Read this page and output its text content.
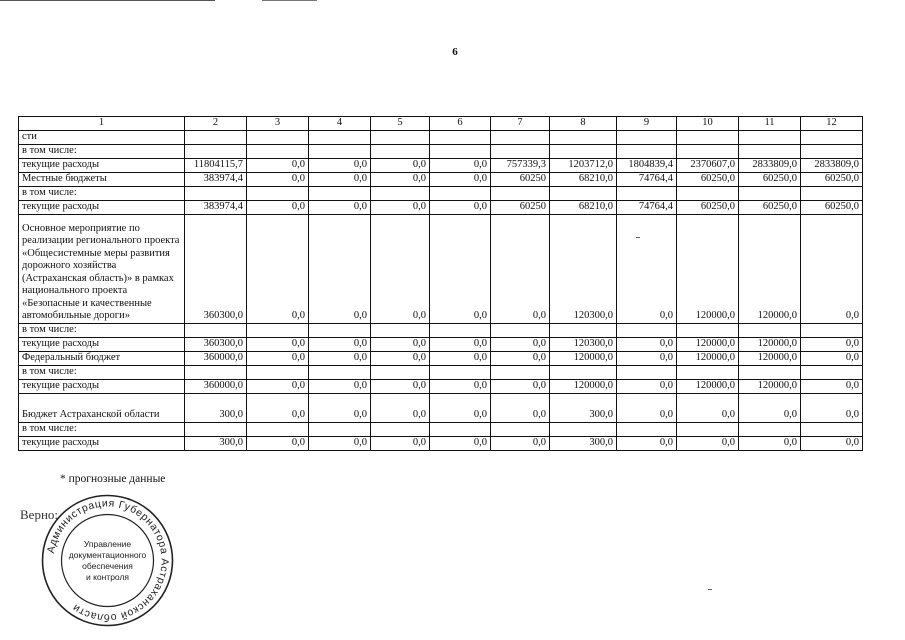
6
1	2	3	4	5	6	7	8	9	10	11	12
сти											
в том числе:											
текущие расходы	11804115,7	0,0	0,0	0,0	0,0	757339,3	1203712,0	1804839,4	2370607,0	2833809,0	2833809,0
Местные бюджеты	383974,4	0,0	0,0	0,0	0,0	60250	68210,0	74764,4	60250,0	60250,0	60250,0
в том числе:											
текущие расходы	383974,4	0,0	0,0	0,0	0,0	60250	68210,0	74764,4	60250,0	60250,0	60250,0
Основное мероприятие по реализации регионального проекта «Общесистемные меры развития дорожного хозяйства (Астраханская область)» в рамках национального проекта «Безопасные и качественные автомобильные дороги»	360300,0	0,0	0,0	0,0	0,0	0,0	120300,0	0,0	120000,0	120000,0	0,0
в том числе:											
текущие расходы	360300,0	0,0	0,0	0,0	0,0	0,0	120300,0	0,0	120000,0	120000,0	0,0
Федеральный бюджет	360000,0	0,0	0,0	0,0	0,0	0,0	120000,0	0,0	120000,0	120000,0	0,0
в том числе:											
текущие расходы	360000,0	0,0	0,0	0,0	0,0	0,0	120000,0	0,0	120000,0	120000,0	0,0
Бюджет Астраханской области	300,0	0,0	0,0	0,0	0,0	0,0	300,0	0,0	0,0	0,0	0,0
в том числе:											
текущие расходы	300,0	0,0	0,0	0,0	0,0	0,0	300,0	0,0	0,0	0,0	0,0
* прогнозные данные
Верно:
Администрация Губернатора Астраханской области
Управление
документационного
обеспечения
и контроля
